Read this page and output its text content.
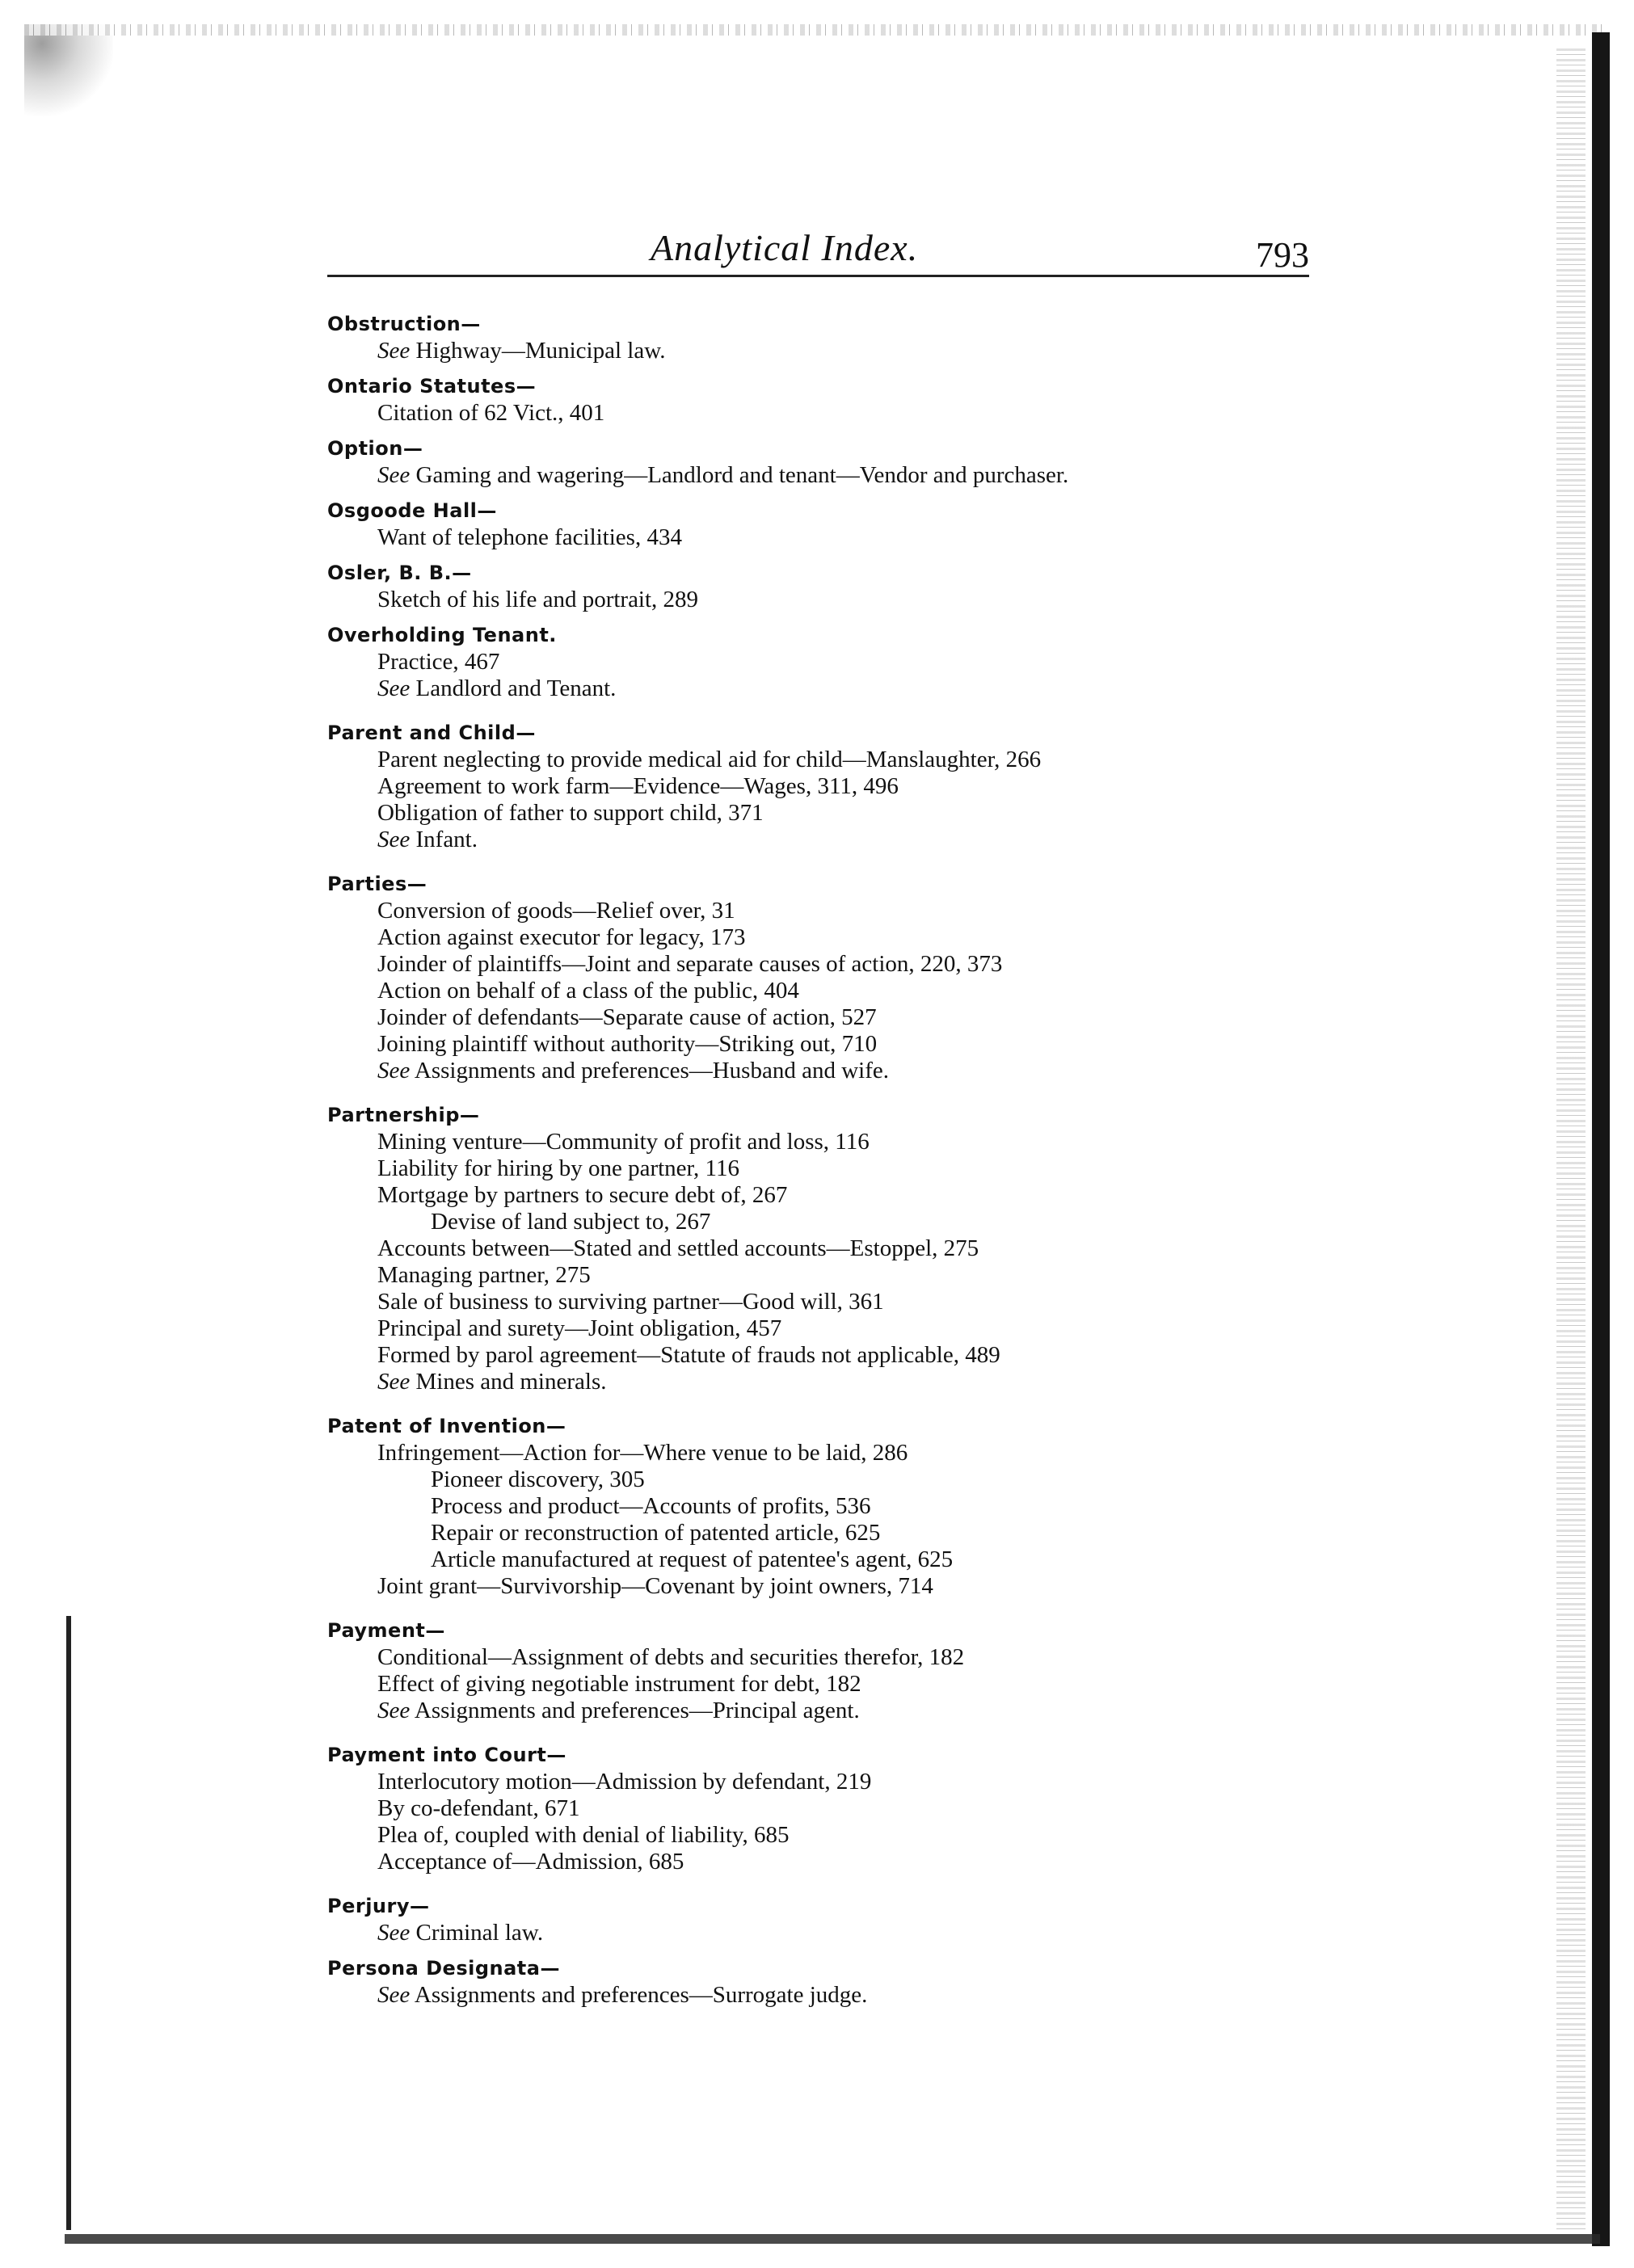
Analytical Index.	793
Obstruction—
See Highway—Municipal law.
Ontario Statutes—
Citation of 62 Vict., 401
Option—
See Gaming and wagering—Landlord and tenant—Vendor and purchaser.
Osgoode Hall—
Want of telephone facilities, 434
Osler, B. B.—
Sketch of his life and portrait, 289
Overholding Tenant.
Practice, 467
See Landlord and Tenant.
Parent and Child—
Parent neglecting to provide medical aid for child—Manslaughter, 266
Agreement to work farm—Evidence—Wages, 311, 496
Obligation of father to support child, 371
See Infant.
Parties—
Conversion of goods—Relief over, 31
Action against executor for legacy, 173
Joinder of plaintiffs—Joint and separate causes of action, 220, 373
Action on behalf of a class of the public, 404
Joinder of defendants—Separate cause of action, 527
Joining plaintiff without authority—Striking out, 710
See Assignments and preferences—Husband and wife.
Partnership—
Mining venture—Community of profit and loss, 116
Liability for hiring by one partner, 116
Mortgage by partners to secure debt of, 267
Devise of land subject to, 267
Accounts between—Stated and settled accounts—Estoppel, 275
Managing partner, 275
Sale of business to surviving partner—Good will, 361
Principal and surety—Joint obligation, 457
Formed by parol agreement—Statute of frauds not applicable, 489
See Mines and minerals.
Patent of Invention—
Infringement—Action for—Where venue to be laid, 286
Pioneer discovery, 305
Process and product—Accounts of profits, 536
Repair or reconstruction of patented article, 625
Article manufactured at request of patentee's agent, 625
Joint grant—Survivorship—Covenant by joint owners, 714
Payment—
Conditional—Assignment of debts and securities therefor, 182
Effect of giving negotiable instrument for debt, 182
See Assignments and preferences—Principal agent.
Payment into Court—
Interlocutory motion—Admission by defendant, 219
By co-defendant, 671
Plea of, coupled with denial of liability, 685
Acceptance of—Admission, 685
Perjury—
See Criminal law.
Persona Designata—
See Assignments and preferences—Surrogate judge.
